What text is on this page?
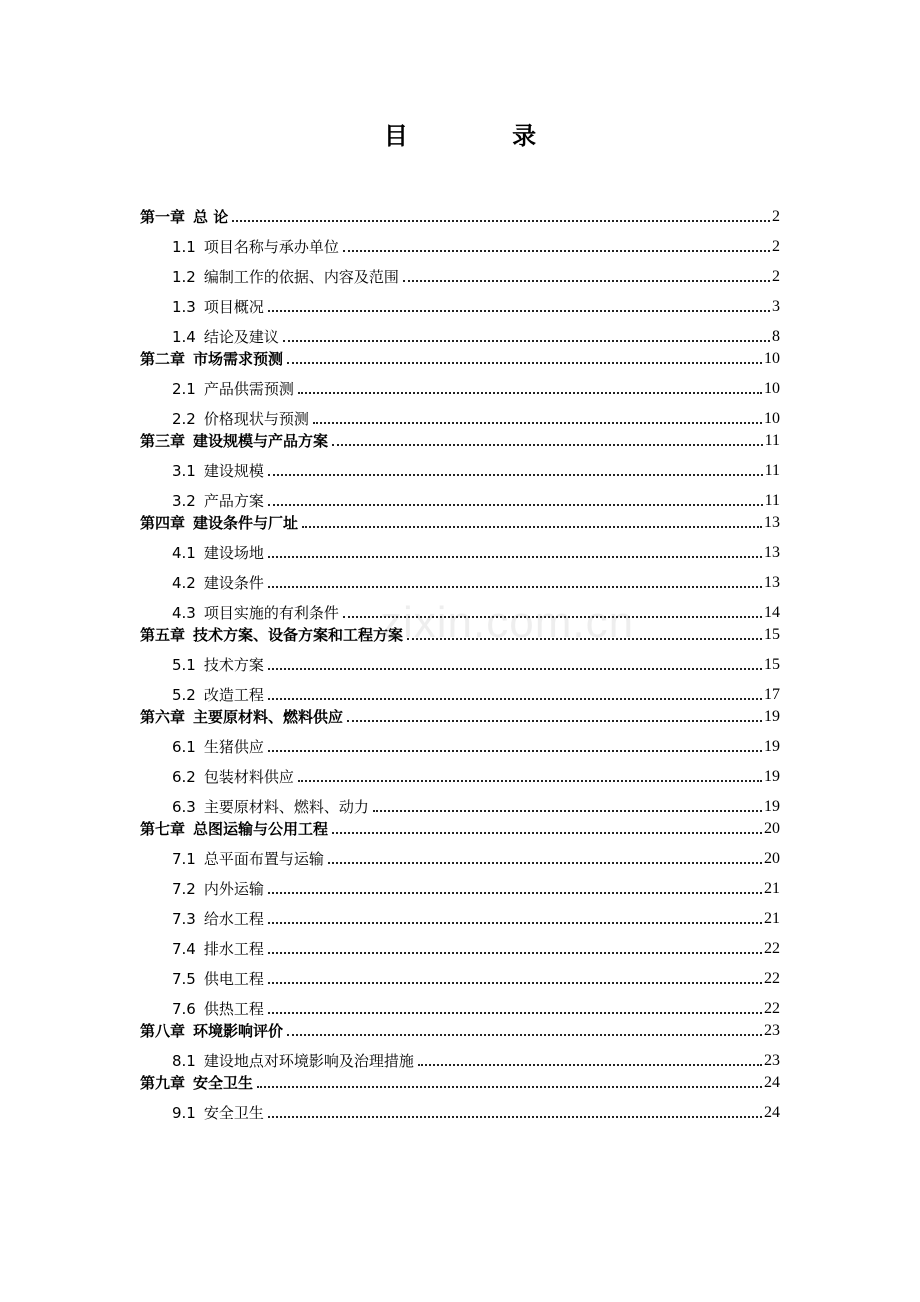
目 录
第一章 总 论	2
1.1 项目名称与承办单位	2
1.2 编制工作的依据、内容及范围	2
1.3 项目概况	3
1.4 结论及建议	8
第二章 市场需求预测	10
2.1 产品供需预测	10
2.2 价格现状与预测	10
第三章 建设规模与产品方案	11
3.1 建设规模	11
3.2 产品方案	11
第四章 建设条件与厂址	13
4.1 建设场地	13
4.2 建设条件	13
4.3 项目实施的有利条件	14
第五章 技术方案、设备方案和工程方案	15
5.1 技术方案	15
5.2 改造工程	17
第六章 主要原材料、燃料供应	19
6.1 生猪供应	19
6.2 包装材料供应	19
6.3 主要原材料、燃料、动力	19
第七章 总图运输与公用工程	20
7.1 总平面布置与运输	20
7.2 内外运输	21
7.3 给水工程	21
7.4 排水工程	22
7.5 供电工程	22
7.6 供热工程	22
第八章 环境影响评价	23
8.1 建设地点对环境影响及治理措施	23
第九章 安全卫生	24
9.1 安全卫生	24
zixin.com.cn
